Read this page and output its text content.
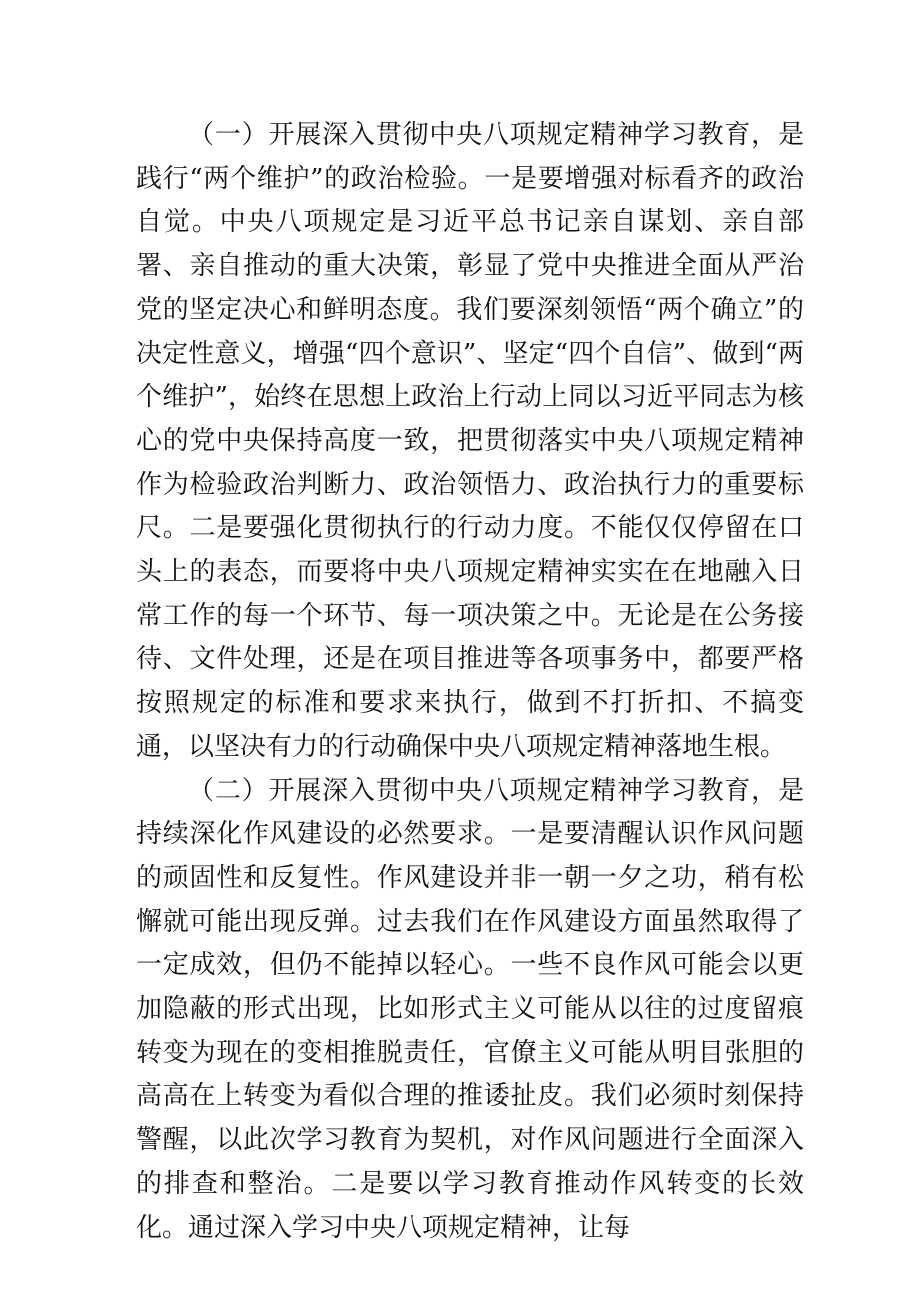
（一）开展深入贯彻中央八项规定精神学习教育，是践行“两个维护”的政治检验。一是要增强对标看齐的政治自觉。中央八项规定是习近平总书记亲自谋划、亲自部署、亲自推动的重大决策，彰显了党中央推进全面从严治党的坚定决心和鲜明态度。我们要深刻领悟“两个确立”的决定性意义，增强“四个意识”、坚定“四个自信”、做到“两个维护”，始终在思想上政治上行动上同以习近平同志为核心的党中央保持高度一致，把贯彻落实中央八项规定精神作为检验政治判断力、政治领悟力、政治执行力的重要标尺。二是要强化贯彻执行的行动力度。不能仅仅停留在口头上的表态，而要将中央八项规定精神实实在在地融入日常工作的每一个环节、每一项决策之中。无论是在公务接待、文件处理，还是在项目推进等各项事务中，都要严格按照规定的标准和要求来执行，做到不打折扣、不搞变通，以坚决有力的行动确保中央八项规定精神落地生根。

（二）开展深入贯彻中央八项规定精神学习教育，是持续深化作风建设的必然要求。一是要清醒认识作风问题的顽固性和反复性。作风建设并非一朝一夕之功，稍有松懈就可能出现反弹。过去我们在作风建设方面虽然取得了一定成效，但仍不能掉以轻心。一些不良作风可能会以更加隐蔽的形式出现，比如形式主义可能从以往的过度留痕转变为现在的变相推脱责任，官僚主义可能从明目张胆的高高在上转变为看似合理的推诿扯皮。我们必须时刻保持警醒，以此次学习教育为契机，对作风问题进行全面深入的排查和整治。二是要以学习教育推动作风转变的长效化。通过深入学习中央八项规定精神，让每
